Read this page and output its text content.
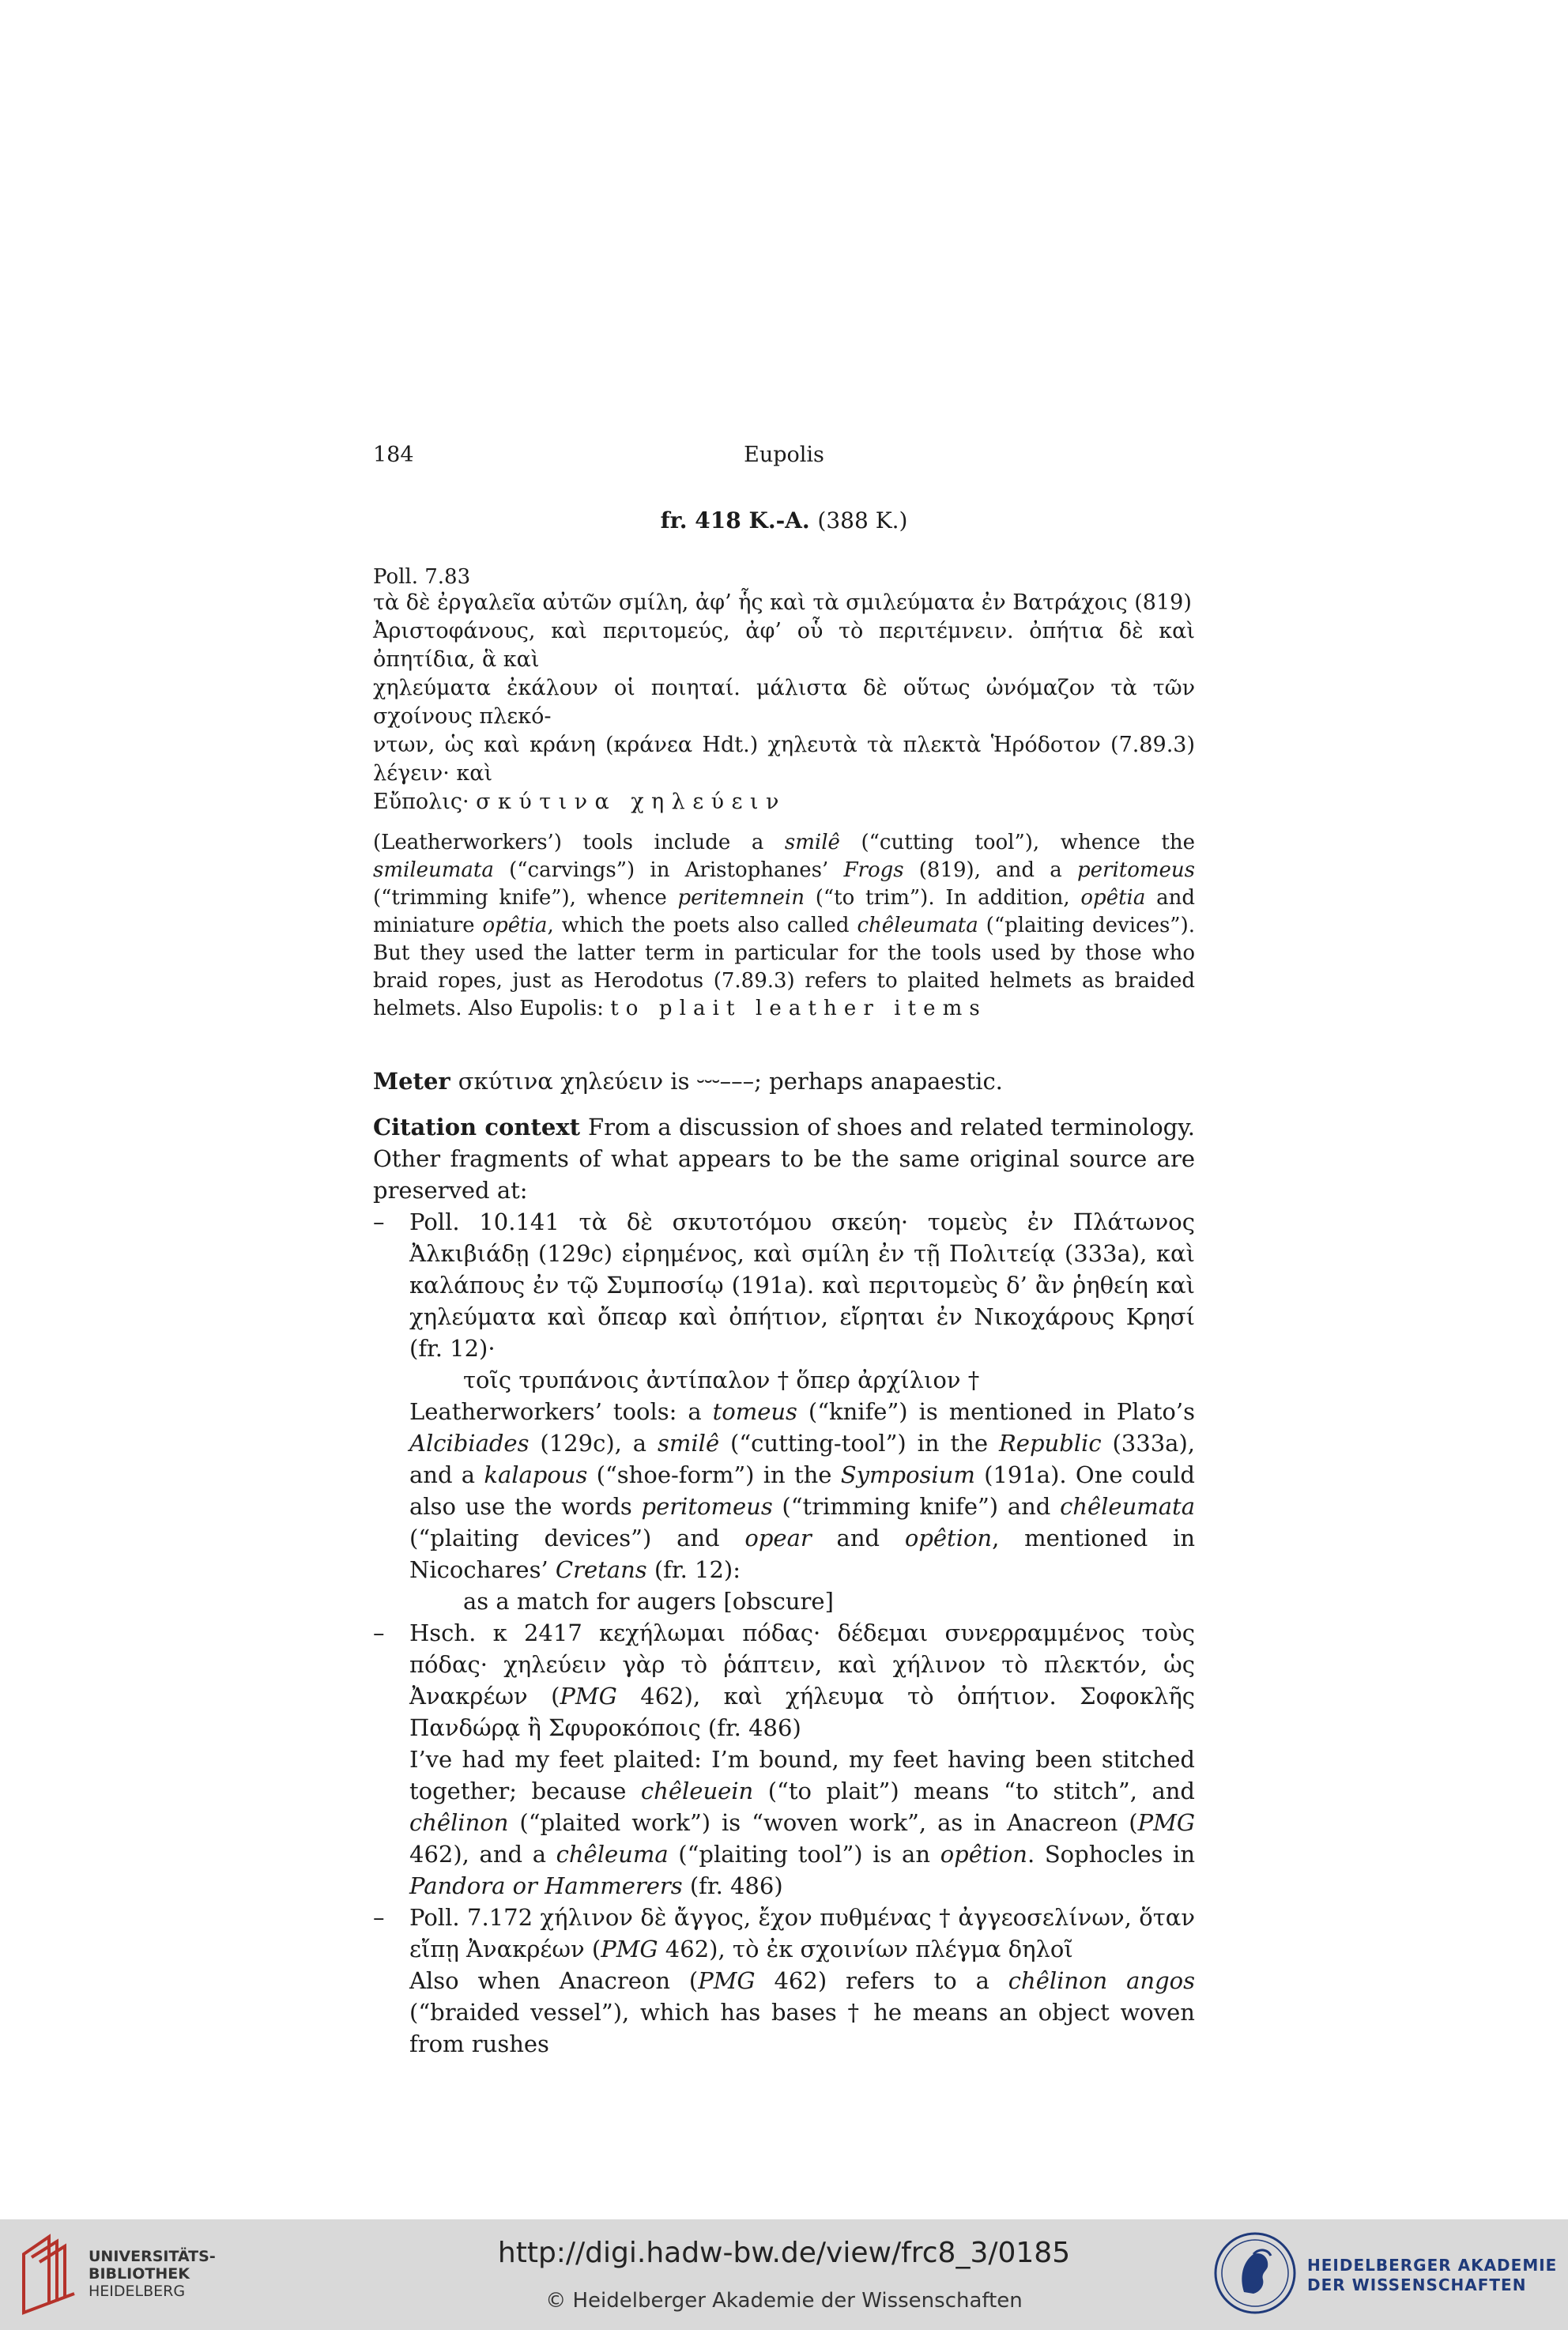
184	Eupolis
fr. 418 K.-A. (388 K.)
Poll. 7.83
τὰ δὲ ἐργαλεῖα αὐτῶν σμίλη, ἀφ’ ἧς καὶ τὰ σμιλεύματα ἐν Βατράχοις (819)
Ἀριστοφάνους, καὶ περιτομεύς, ἀφ’ οὗ τὸ περιτέμνειν. ὀπήτια δὲ καὶ ὀπητίδια, ἃ καὶ
χηλεύματα ἐκάλουν οἱ ποιηταί. μάλιστα δὲ οὕτως ὠνόμαζον τὰ τῶν σχοίνους πλεκό-
ντων, ὡς καὶ κράνη (κράνεα Hdt.) χηλευτὰ τὰ πλεκτὰ Ἡρόδοτον (7.89.3) λέγειν· καὶ
Εὔπολις· σκύτινα χηλεύειν
(Leatherworkers’) tools include a smilê (“cutting tool”), whence the smileumata (“carvings”) in Aristophanes’ Frogs (819), and a peritomeus (“trimming knife”), whence peritemnein (“to trim”). In addition, opêtia and miniature opêtia, which the poets also called chêleumata (“plaiting devices”). But they used the latter term in particular for the tools used by those who braid ropes, just as Herodotus (7.89.3) refers to plaited helmets as braided helmets. Also Eupolis: to plait leather items
Meter σκύτινα χηλεύειν is ⏑⏑⏑–––; perhaps anapaestic.
Citation context From a discussion of shoes and related terminology. Other fragments of what appears to be the same original source are preserved at:
– Poll. 10.141 τὰ δὲ σκυτοτόμου σκεύη· τομεὺς ἐν Πλάτωνος Ἀλκιβιάδῃ (129c) εἰρημένος, καὶ σμίλη ἐν τῇ Πολιτείᾳ (333a), καὶ καλάπους ἐν τῷ Συμποσίῳ (191a). καὶ περιτομεὺς δ’ ἂν ῥηθείη καὶ χηλεύματα καὶ ὄπεαρ καὶ ὀπήτιον, εἴρηται ἐν Νικοχάρους Κρησί (fr. 12)·
τοῖς τρυπάνοις ἀντίπαλον † ὅπερ ἀρχίλιον †
Leatherworkers’ tools: a tomeus (“knife”) is mentioned in Plato’s Alcibiades (129c), a smilê (“cutting-tool”) in the Republic (333a), and a kalapous (“shoe-form”) in the Symposium (191a). One could also use the words peritomeus (“trimming knife”) and chêleumata (“plaiting devices”) and opear and opêtion, mentioned in Nicochares’ Cretans (fr. 12):
as a match for augers [obscure]
– Hsch. κ 2417 κεχήλωμαι πόδας· δέδεμαι συνερραμμένος τοὺς πόδας· χηλεύειν γὰρ τὸ ῥάπτειν, καὶ χήλινον τὸ πλεκτόν, ὡς Ἀνακρέων (PMG 462), καὶ χήλευμα τὸ ὀπήτιον. Σοφοκλῆς Πανδώρᾳ ἢ Σφυροκόποις (fr. 486)
I’ve had my feet plaited: I’m bound, my feet having been stitched together; because chêleuein (“to plait”) means “to stitch”, and chêlinon (“plaited work”) is “woven work”, as in Anacreon (PMG 462), and a chêleuma (“plaiting tool”) is an opêtion. Sophocles in Pandora or Hammerers (fr. 486)
– Poll. 7.172 χήλινον δὲ ἄγγος, ἔχον πυθμένας † ἀγγεοσελίνων, ὅταν εἴπῃ Ἀνακρέων (PMG 462), τὸ ἐκ σχοινίων πλέγμα δηλοῖ
Also when Anacreon (PMG 462) refers to a chêlinon angos (“braided vessel”), which has bases † he means an object woven from rushes
UNIVERSITÄTS-
BIBLIOTHEK
HEIDELBERG
http://digi.hadw-bw.de/view/frc8_3/0185
© Heidelberger Akademie der Wissenschaften
HEIDELBERGER AKADEMIE
DER WISSENSCHAFTEN
